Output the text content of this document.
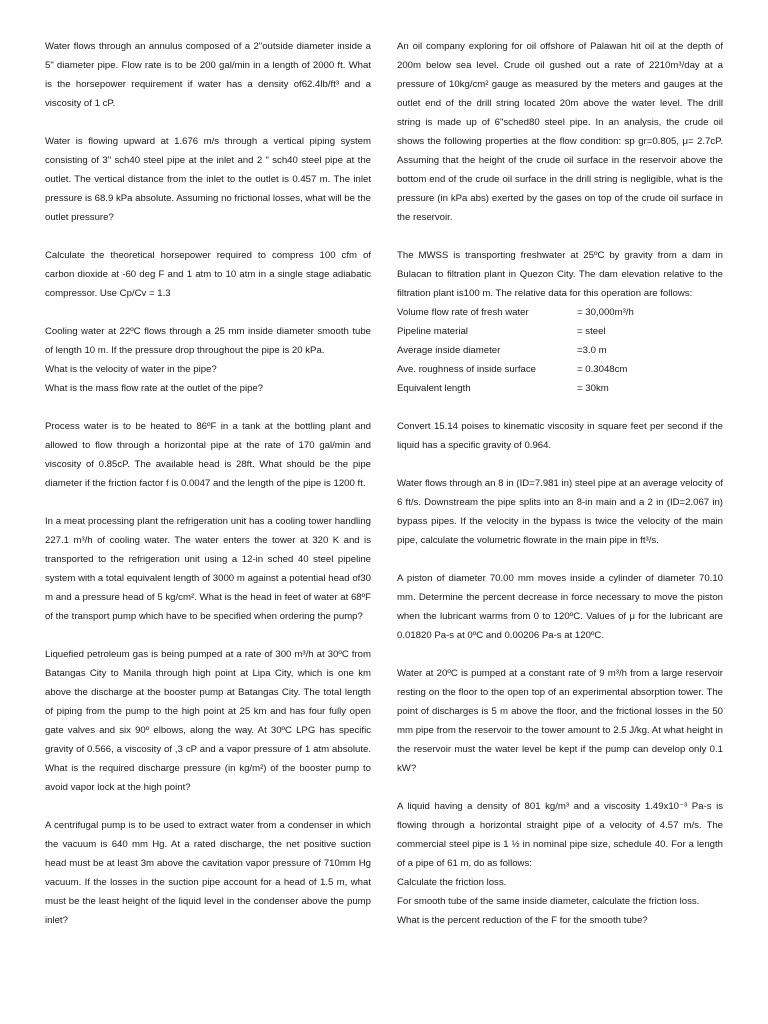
Water flows through an annulus composed of a 2"outside diameter inside a 5" diameter pipe. Flow rate is to be 200 gal/min in a length of 2000 ft. What is the horsepower requirement if water has a density of62.4lb/ft³ and a viscosity of 1 cP.

Water is flowing upward at 1.676 m/s through a vertical piping system consisting of 3" sch40 steel pipe at the inlet and 2 " sch40 steel pipe at the outlet. The vertical distance from the inlet to the outlet is 0.457 m. The inlet pressure is 68.9 kPa absolute. Assuming no frictional losses, what will be the outlet pressure?

Calculate the theoretical horsepower required to compress 100 cfm of carbon dioxide at -60 deg F and 1 atm to 10 atm in a single stage adiabatic compressor. Use Cp/Cv = 1.3

Cooling water at 22ºC flows through a 25 mm inside diameter smooth tube of length 10 m. If the pressure drop throughout the pipe is 20 kPa.

What is the velocity of water in the pipe?

What is the mass flow rate at the outlet of the pipe?

Process water is to be heated to 86ºF in a tank at the bottling plant and allowed to flow through a horizontal pipe at the rate of 170 gal/min and viscosity of 0.85cP. The available head is 28ft. What should be the pipe diameter if the friction factor f is 0.0047 and the length of the pipe is 1200 ft.

In a meat processing plant the refrigeration unit has a cooling tower handling 227.1 m³/h of cooling water. The water enters the tower at 320 K and is transported to the refrigeration unit using a 12-in sched 40 steel pipeline system with a total equivalent length of 3000 m against a potential head of30 m and a pressure head of 5 kg/cm². What is the head in feet of water at 68ºF of the transport pump which have to be specified when ordering the pump?

Liquefied petroleum gas is being pumped at a rate of 300 m³/h at 30ºC from Batangas City to Manila through high point at Lipa City, which is one km above the discharge at the booster pump at Batangas City. The total length of piping from the pump to the high point at 25 km and has four fully open gate valves and six 90º elbows, along the way. At 30ºC LPG has specific gravity of 0.566, a viscosity of ,3 cP and a vapor pressure of 1 atm absolute. What is the required discharge pressure (in kg/m²) of the booster pump to avoid vapor lock at the high point?

A centrifugal pump is to be used to extract water from a condenser in which the vacuum is 640 mm Hg. At a rated discharge, the net positive suction head must be at least 3m above the cavitation vapor pressure of 710mm Hg vacuum. If the losses in the suction pipe account for a head of 1.5 m, what must be the least height of the liquid level in the condenser above the pump inlet?

An oil company exploring for oil offshore of Palawan hit oil at the depth of 200m below sea level. Crude oil gushed out a rate of 2210m³/day at a pressure of 10kg/cm² gauge as measured by the meters and gauges at the outlet end of the drill string located 20m above the water level. The drill string is made up of 6"sched80 steel pipe. In an analysis, the crude oil shows the following properties at the flow condition: sp gr=0.805, μ= 2.7cP. Assuming that the height of the crude oil surface in the reservoir above the bottom end of the crude oil surface in the drill string is negligible, what is the pressure (in kPa abs) exerted by the gases on top of the crude oil surface in the reservoir.

The MWSS is transporting freshwater at 25ºC by gravity from a dam in Bulacan to filtration plant in Quezon City. The dam elevation relative to the filtration plant is100 m. The relative data for this operation are follows:

Volume flow rate of fresh water	= 30,000m³/h
Pipeline material	= steel
Average inside diameter	=3.0 m
Ave. roughness of inside surface	= 0.3048cm
Equivalent length	= 30km

Convert 15.14 poises to kinematic viscosity in square feet per second if the liquid has a specific gravity of 0.964.

Water flows through an 8 in (ID=7.981 in) steel pipe at an average velocity of 6 ft/s. Downstream the pipe splits into an 8-in main and a 2 in (ID=2.067 in) bypass pipes. If the velocity in the bypass is twice the velocity of the main pipe, calculate the volumetric flowrate in the main pipe in ft³/s.

A piston of diameter 70.00 mm moves inside a cylinder of diameter 70.10 mm. Determine the percent decrease in force necessary to move the piston when the lubricant warms from 0 to 120ºC. Values of μ for the lubricant are 0.01820 Pa-s at 0ºC and 0.00206 Pa-s at 120ºC.

Water at 20ºC is pumped at a constant rate of 9 m³/h from a large reservoir resting on the floor to the open top of an experimental absorption tower. The point of discharges is 5 m above the floor, and the frictional losses in the 50 mm pipe from the reservoir to the tower amount to 2.5 J/kg. At what height in the reservoir must the water level be kept if the pump can develop only 0.1 kW?

A liquid having a density of 801 kg/m³ and a viscosity 1.49x10⁻³ Pa-s is flowing through a horizontal straight pipe of a velocity of 4.57 m/s. The commercial steel pipe is 1 ½ in nominal pipe size, schedule 40. For a length of a pipe of 61 m, do as follows:

Calculate the friction loss.

For smooth tube of the same inside diameter, calculate the friction loss.

What is the percent reduction of the F for the smooth tube?
